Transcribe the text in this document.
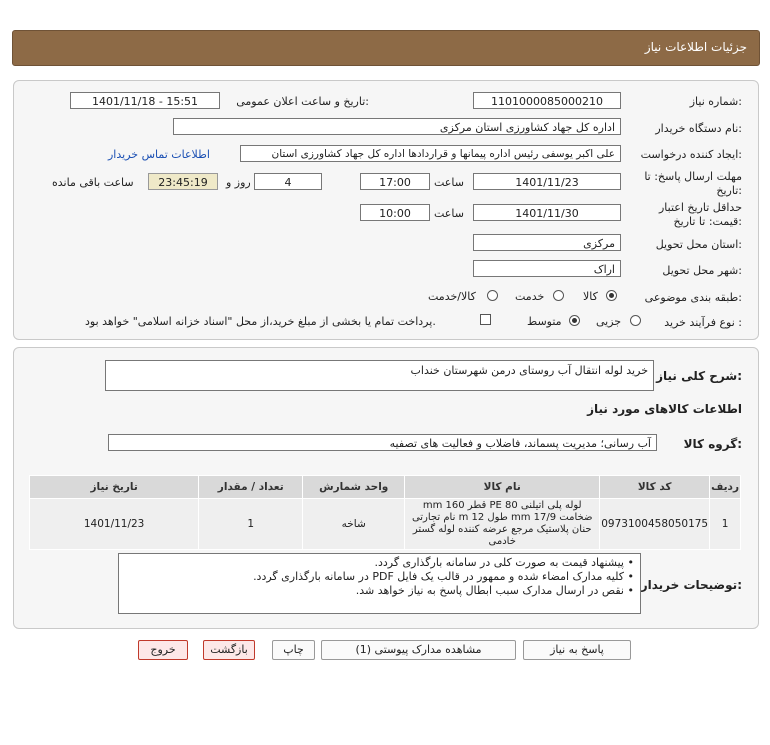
جزئیات اطلاعات نیاز
شماره نیاز:
1101000085000210
تاریخ و ساعت اعلان عمومی:
1401/11/18 - 15:51
نام دستگاه خریدار:
اداره کل جهاد کشاورزی استان مرکزی
ایجاد کننده درخواست:
علی اکبر یوسفی رئیس اداره پیمانها و قراردادها اداره کل جهاد کشاورزی استان
اطلاعات تماس خریدار
مهلت ارسال پاسخ: تا
تاریخ:
1401/11/23
ساعت
17:00
4
روز و
23:45:19
ساعت باقی مانده
حداقل تاریخ اعتبار
قیمت: تا تاریخ:
1401/11/30
ساعت
10:00
استان محل تحویل:
مرکزی
شهر محل تحویل:
اراک
طبقه بندی موضوعی:
کالا
خدمت
کالا/خدمت
نوع فرآیند خرید :
جزیی
متوسط
پرداخت تمام یا بخشی از مبلغ خرید،از محل "اسناد خزانه اسلامی" خواهد بود.
شرح کلی نیاز:
خرید لوله انتقال آب روستای درمن شهرستان خنداب
اطلاعات کالاهای مورد نیاز
گروه کالا:
آب رسانی؛ مدیریت پسماند، فاضلاب و فعالیت های تصفیه
ردیف	کد کالا	نام کالا	واحد شمارش	تعداد / مقدار	تاریخ نیاز
1	0973100458050175	لوله پلی اتیلنی PE 80 قطر 160 mm ضخامت 17/9 mm طول 12 m نام تجارتی حنان پلاستیک مرجع عرضه کننده لوله گستر خادمی	شاخه	1	1401/11/23
توضیحات خریدار:
• پیشنهاد قیمت به صورت کلی در سامانه بارگذاری گردد.
• کلیه مدارک امضاء شده و ممهور در قالب یک فایل PDF در سامانه بارگذاری گردد.
• نقص در ارسال مدارک سبب ابطال پاسخ به نیاز خواهد شد.
پاسخ به نیاز
مشاهده مدارک پیوستی (1)
چاپ
بازگشت
خروج
